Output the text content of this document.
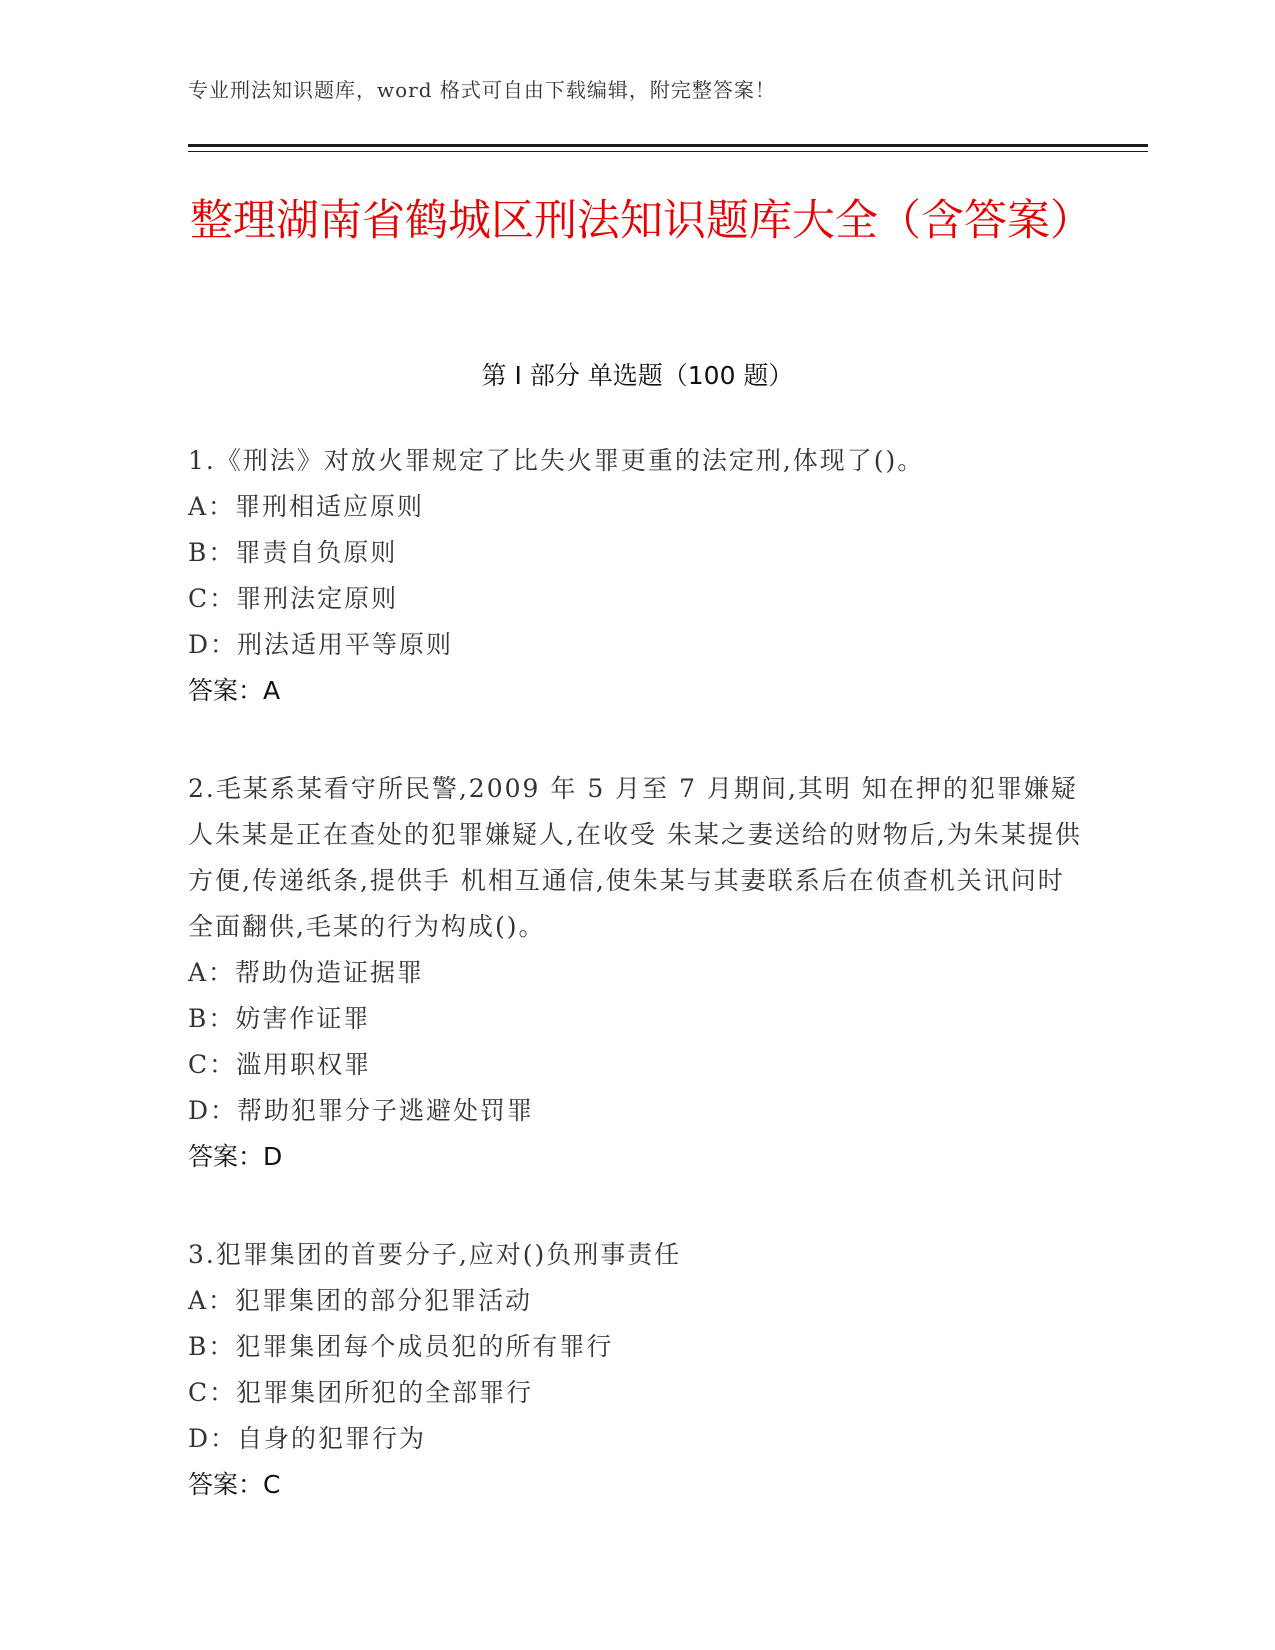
专业刑法知识题库，word 格式可自由下载编辑，附完整答案！
整理湖南省鹤城区刑法知识题库大全（含答案）
第 I 部分 单选题（100 题）
1.《刑法》对放火罪规定了比失火罪更重的法定刑,体现了()。
A：罪刑相适应原则
B：罪责自负原则
C：罪刑法定原则
D：刑法适用平等原则
答案：A
2.毛某系某看守所民警,2009 年 5 月至 7 月期间,其明 知在押的犯罪嫌疑人朱某是正在查处的犯罪嫌疑人,在收受 朱某之妻送给的财物后,为朱某提供方便,传递纸条,提供手 机相互通信,使朱某与其妻联系后在侦查机关讯问时全面翻供,毛某的行为构成()。
A：帮助伪造证据罪
B：妨害作证罪
C：滥用职权罪
D：帮助犯罪分子逃避处罚罪
答案：D
3.犯罪集团的首要分子,应对()负刑事责任
A：犯罪集团的部分犯罪活动
B：犯罪集团每个成员犯的所有罪行
C：犯罪集团所犯的全部罪行
D：自身的犯罪行为
答案：C
